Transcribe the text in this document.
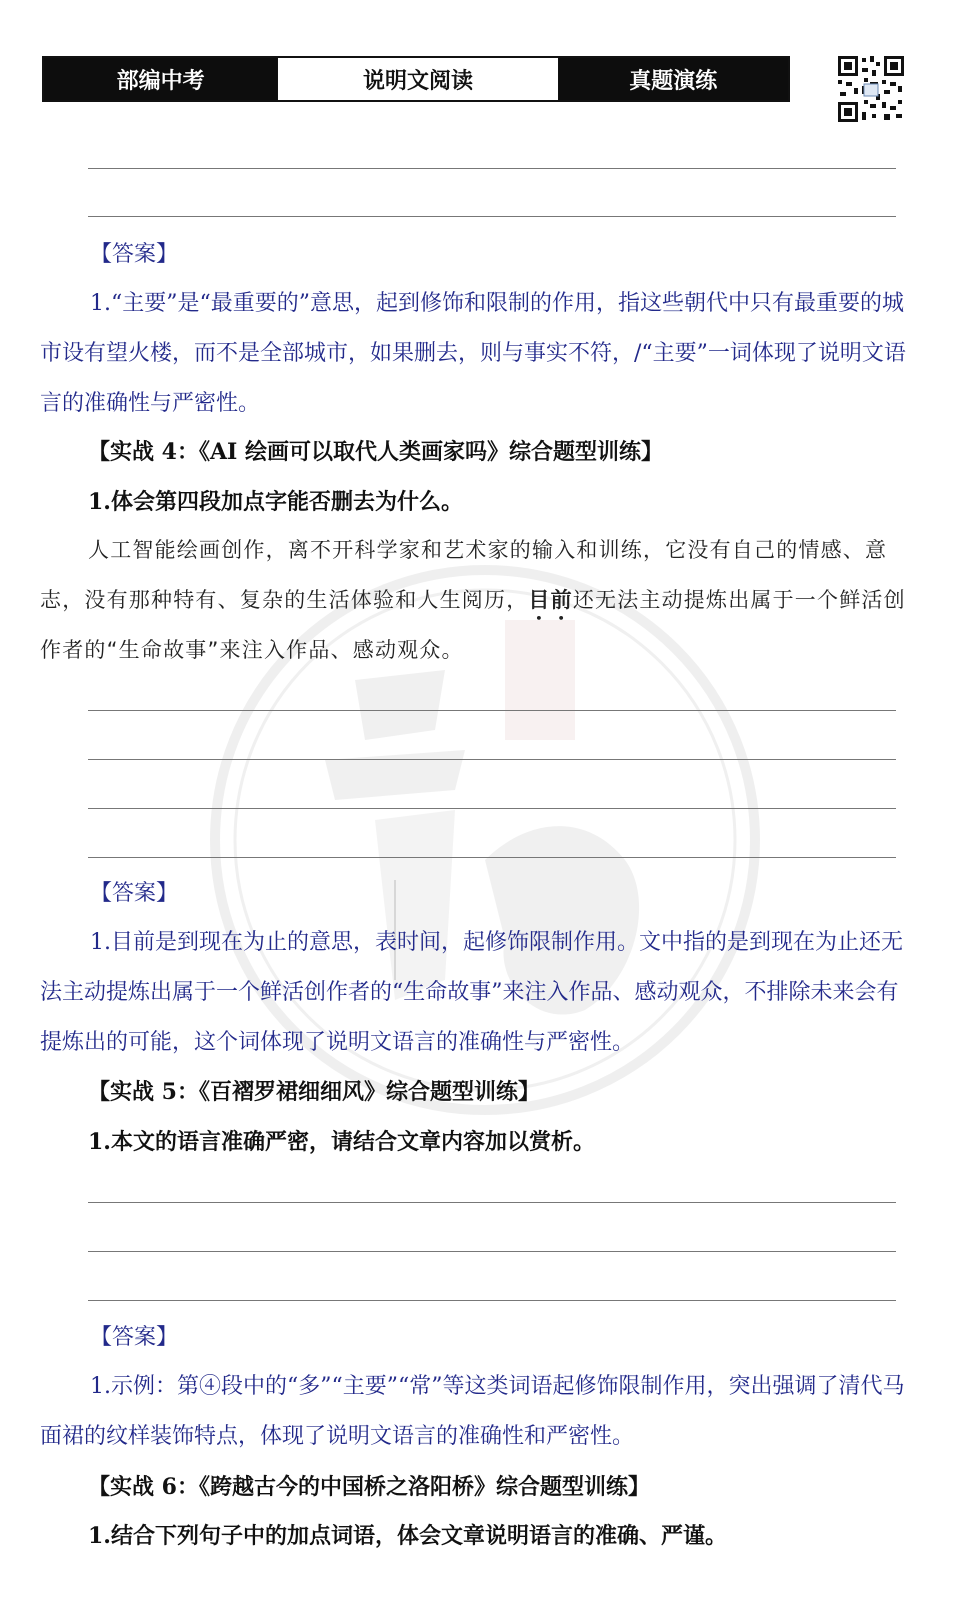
部编中考	说明文阅读	真题演练

【答案】

1.“主要”是“最重要的”意思，起到修饰和限制的作用，指这些朝代中只有最重要的城市设有望火楼，而不是全部城市，如果删去，则与事实不符，/“主要”一词体现了说明文语言的准确性与严密性。

【实战 4：《AI 绘画可以取代人类画家吗》综合题型训练】

1.体会第四段加点字能否删去为什么。

人工智能绘画创作，离不开科学家和艺术家的输入和训练，它没有自己的情感、意志，没有那种特有、复杂的生活体验和人生阅历，目前还无法主动提炼出属于一个鲜活创作者的“生命故事”来注入作品、感动观众。

【答案】

1.目前是到现在为止的意思，表时间，起修饰限制作用。文中指的是到现在为止还无法主动提炼出属于一个鲜活创作者的“生命故事”来注入作品、感动观众，不排除未来会有提炼出的可能，这个词体现了说明文语言的准确性与严密性。

【实战 5：《百褶罗裙细细风》综合题型训练】

1.本文的语言准确严密，请结合文章内容加以赏析。

【答案】

1.示例：第④段中的“多”“主要”“常”等这类词语起修饰限制作用，突出强调了清代马面裙的纹样装饰特点，体现了说明文语言的准确性和严密性。

【实战 6：《跨越古今的中国桥之洛阳桥》综合题型训练】

1.结合下列句子中的加点词语，体会文章说明语言的准确、严谨。
